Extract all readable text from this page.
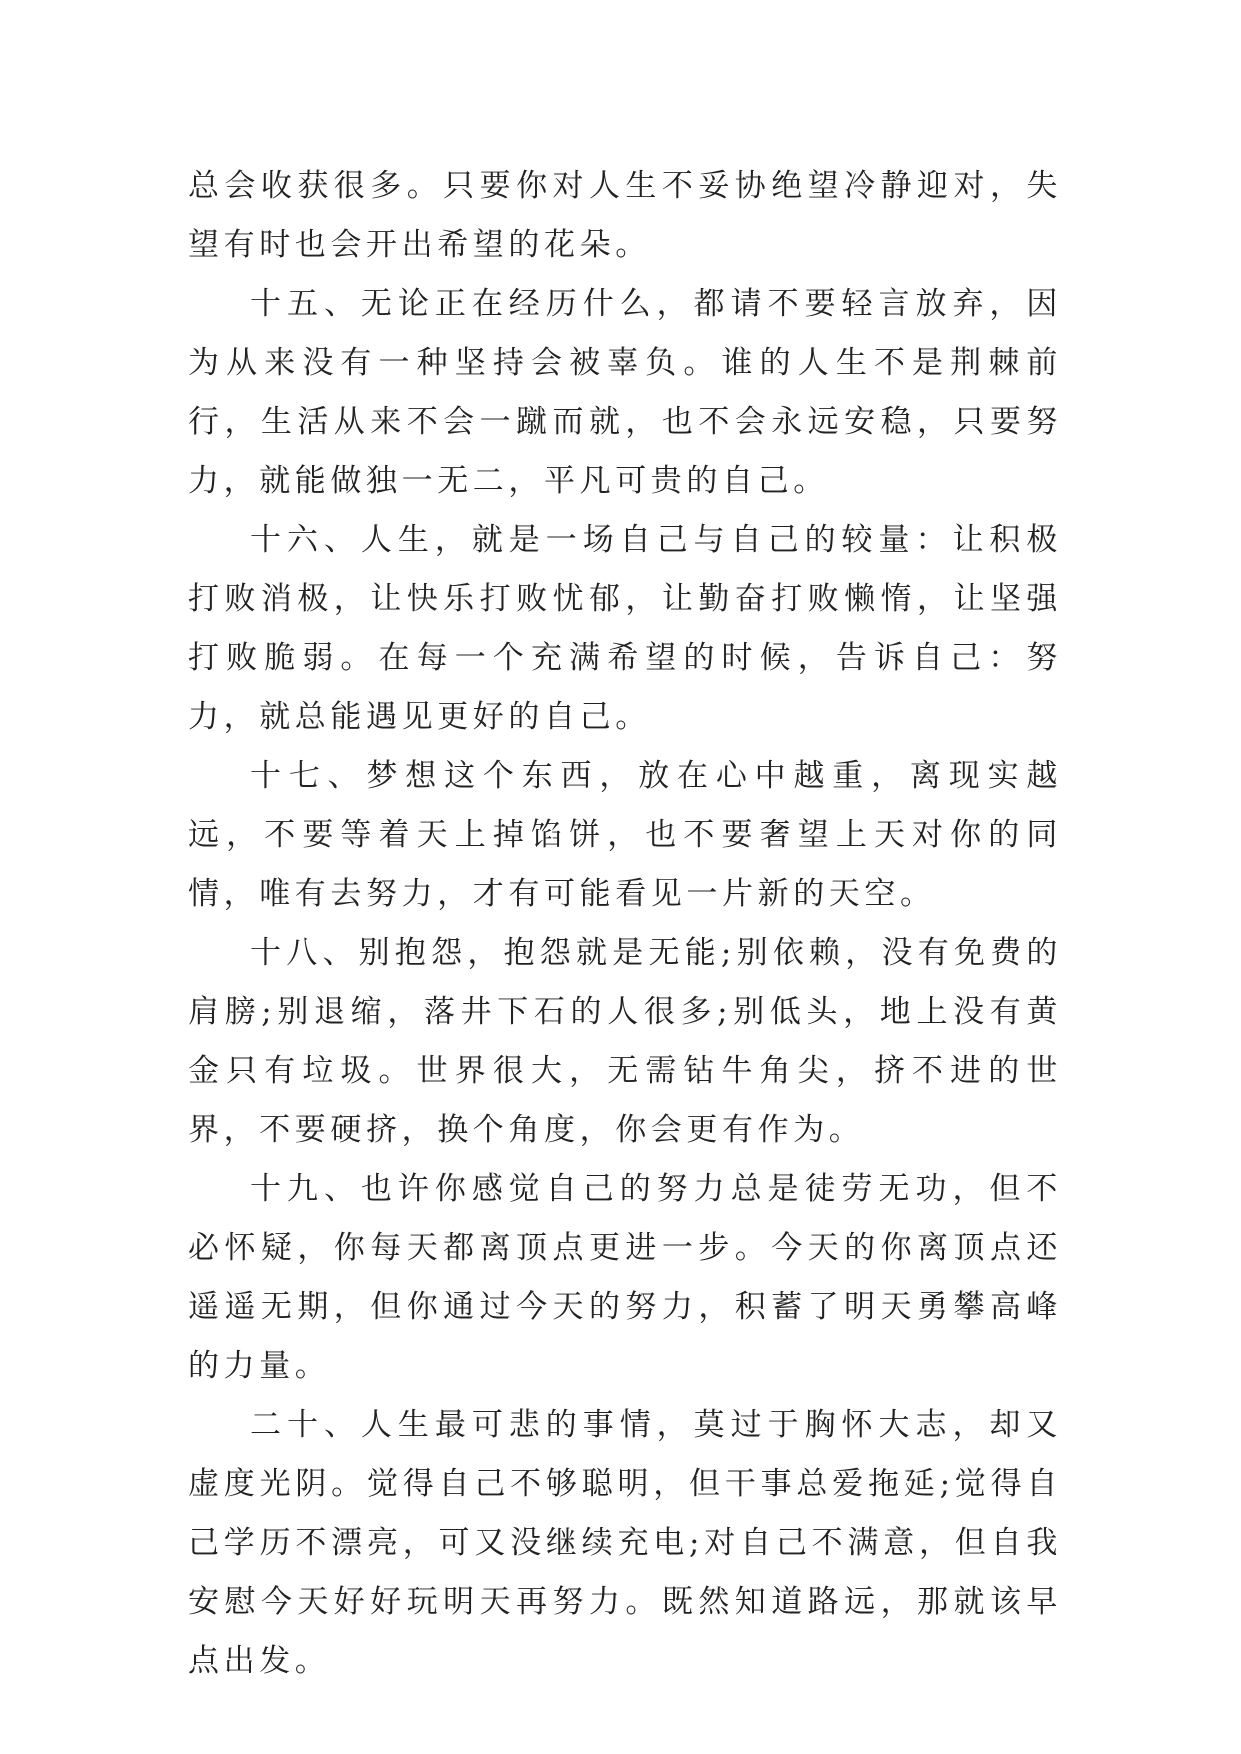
总会收获很多。只要你对人生不妥协绝望冷静迎对，失望有时也会开出希望的花朵。

十五、无论正在经历什么，都请不要轻言放弃，因为从来没有一种坚持会被辜负。谁的人生不是荆棘前行，生活从来不会一蹴而就，也不会永远安稳，只要努力，就能做独一无二，平凡可贵的自己。

十六、人生，就是一场自己与自己的较量：让积极打败消极，让快乐打败忧郁，让勤奋打败懒惰，让坚强打败脆弱。在每一个充满希望的时候，告诉自己：努力，就总能遇见更好的自己。

十七、梦想这个东西，放在心中越重，离现实越远，不要等着天上掉馅饼，也不要奢望上天对你的同情，唯有去努力，才有可能看见一片新的天空。

十八、别抱怨，抱怨就是无能;别依赖，没有免费的肩膀;别退缩，落井下石的人很多;别低头，地上没有黄金只有垃圾。世界很大，无需钻牛角尖，挤不进的世界，不要硬挤，换个角度，你会更有作为。

十九、也许你感觉自己的努力总是徒劳无功，但不必怀疑，你每天都离顶点更进一步。今天的你离顶点还遥遥无期，但你通过今天的努力，积蓄了明天勇攀高峰的力量。

二十、人生最可悲的事情，莫过于胸怀大志，却又虚度光阴。觉得自己不够聪明，但干事总爱拖延;觉得自己学历不漂亮，可又没继续充电;对自己不满意，但自我安慰今天好好玩明天再努力。既然知道路远，那就该早点出发。
